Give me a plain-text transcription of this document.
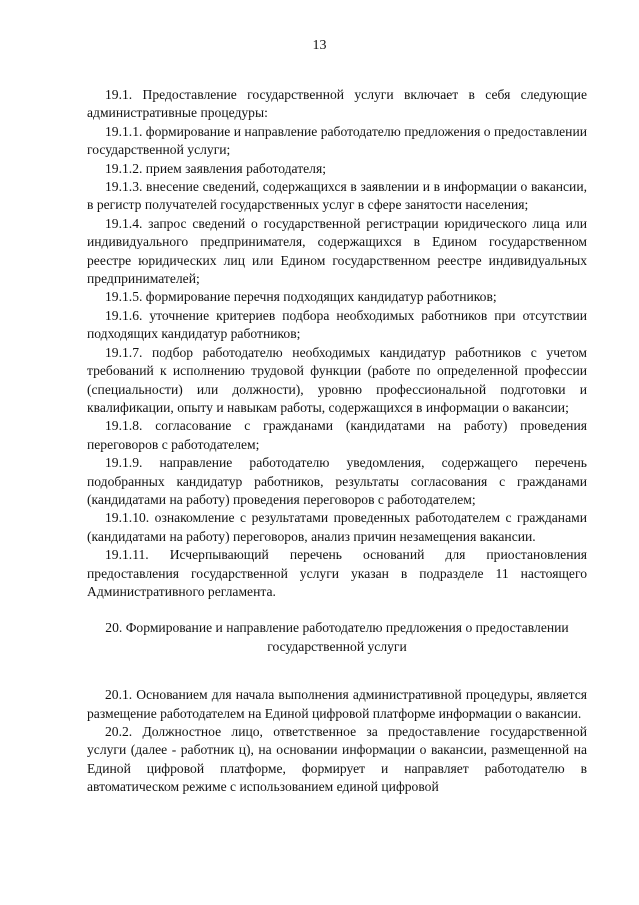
13

19.1. Предоставление государственной услуги включает в себя следующие административные процедуры:

19.1.1. формирование и направление работодателю предложения о предоставлении государственной услуги;

19.1.2. прием заявления работодателя;

19.1.3. внесение сведений, содержащихся в заявлении и в информации о вакансии, в регистр получателей государственных услуг в сфере занятости населения;

19.1.4. запрос сведений о государственной регистрации юридического лица или индивидуального предпринимателя, содержащихся в Едином государственном реестре юридических лиц или Едином государственном реестре индивидуальных предпринимателей;

19.1.5. формирование перечня подходящих кандидатур работников;

19.1.6. уточнение критериев подбора необходимых работников при отсутствии подходящих кандидатур работников;

19.1.7. подбор работодателю необходимых кандидатур работников с учетом требований к исполнению трудовой функции (работе по определенной профессии (специальности) или должности), уровню профессиональной подготовки и квалификации, опыту и навыкам работы, содержащихся в информации о вакансии;

19.1.8. согласование с гражданами (кандидатами на работу) проведения переговоров с работодателем;

19.1.9. направление работодателю уведомления, содержащего перечень подобранных кандидатур работников, результаты согласования с гражданами (кандидатами на работу) проведения переговоров с работодателем;

19.1.10. ознакомление с результатами проведенных работодателем с гражданами (кандидатами на работу) переговоров, анализ причин незамещения вакансии.

19.1.11. Исчерпывающий перечень оснований для приостановления предоставления государственной услуги указан в подразделе 11 настоящего Административного регламента.

20. Формирование и направление работодателю предложения о предоставлении
государственной услуги

20.1. Основанием для начала выполнения административной процедуры, является размещение работодателем на Единой цифровой платформе информации о вакансии.

20.2. Должностное лицо, ответственное за предоставление государственной услуги (далее - работник ц), на основании информации о вакансии, размещенной на Единой цифровой платформе, формирует и направляет работодателю в автоматическом режиме с использованием единой цифровой
